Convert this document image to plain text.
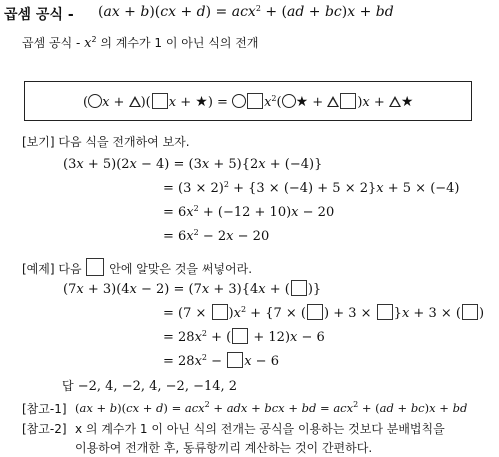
곱셈 공식 - (ax + b)(cx + d) = acx$^2$ + (ad + bc)x + bd
곱셈 공식 - $x^2$ 의 계수가 1 이 아닌 식의 전개
( x + )( x + ★) = $x^2$( ★ + )x + ★
[보기] 다음 식을 전개하여 보자.
(3x + 5)(2x − 4) = (3x + 5){2x + (−4)}
= $(3 \times 2)^2 + \{3 \times (-4) + 5 \times 2\}x + 5 \times (-4)$
= $6x^2 + (-12 + 10)x - 20$
= $6x^2 - 2x - 20$
[예제] 다음 안에 알맞은 것을 써넣어라.
(7x + 3)(4x − 2) = (7x + 3){4x + ( )}
= $(7 \times )x^2 + \{7$ × ( ) + 3 × }x + 3 × ( )
= $28x^2$ + ( + 12)x − 6
= $28x^2 - x - 6$
답 −2, 4, −2, 4, −2, −14, 2
[참고-1] (ax + b)(cx + d) = acx$^2$ + adx + bcx + bd = acx$^2$ + (ad + bc)x + bd
[참고-2] x 의 계수가 1 이 아닌 식의 전개는 공식을 이용하는 것보다 분배법칙을
이용하여 전개한 후, 동류항끼리 계산하는 것이 간편하다.
